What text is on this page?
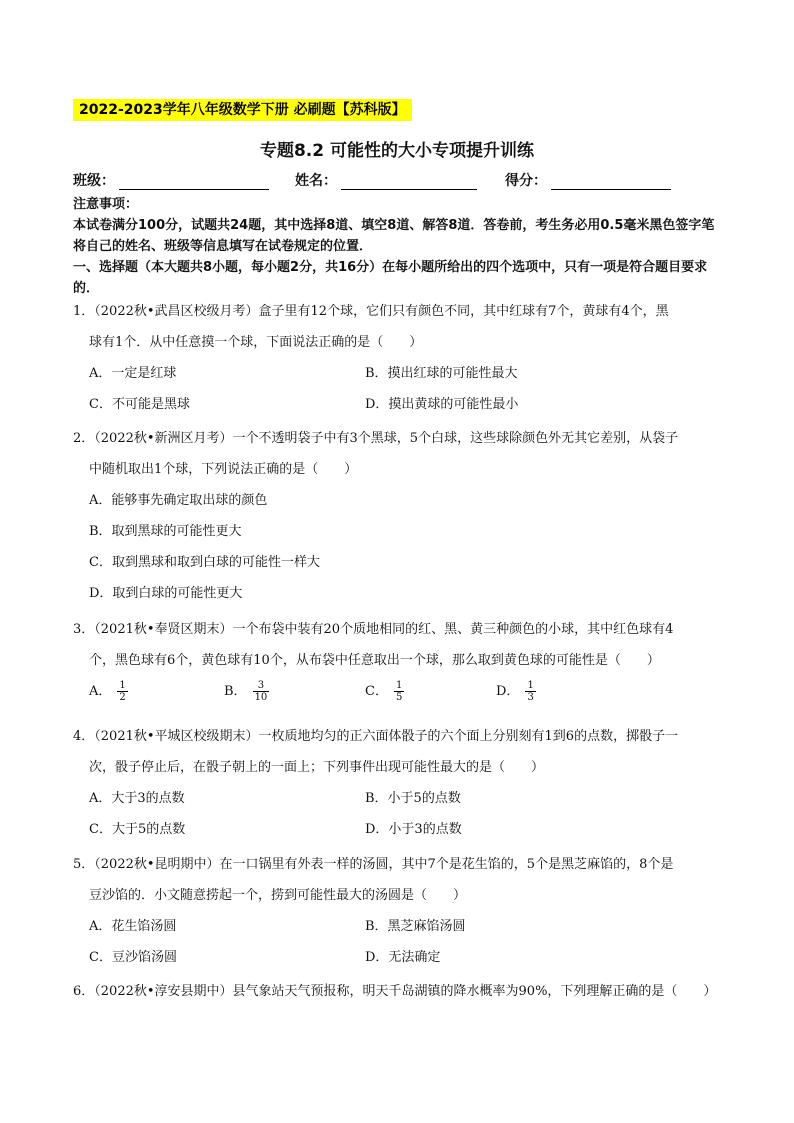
2022-2023学年八年级数学下册 必刷题【苏科版】
专题8.2 可能性的大小专项提升训练
班级：	姓名：	得分：

注意事项：

本试卷满分100分，试题共24题，其中选择8道、填空8道、解答8道．答卷前，考生务必用0.5毫米黑色签字笔将自己的姓名、班级等信息填写在试卷规定的位置．

一、选择题（本大题共8小题，每小题2分，共16分）在每小题所给出的四个选项中，只有一项是符合题目要求的．

1．（2022秋•武昌区校级月考）盒子里有12个球，它们只有颜色不同，其中红球有7个，黄球有4个，黑
球有1个．从中任意摸一个球，下面说法正确的是（　　）

A．一定是红球	B．摸出红球的可能性最大
C．不可能是黑球	D．摸出黄球的可能性最小

2．（2022秋•新洲区月考）一个不透明袋子中有3个黑球，5个白球，这些球除颜色外无其它差别，从袋子
中随机取出1个球，下列说法正确的是（　　）

A．能够事先确定取出球的颜色
B．取到黑球的可能性更大
C．取到黑球和取到白球的可能性一样大
D．取到白球的可能性更大

3．（2021秋•奉贤区期末）一个布袋中装有20个质地相同的红、黑、黄三种颜色的小球，其中红色球有4
个，黑色球有6个，黄色球有10个，从布袋中任意取出一个球，那么取到黄色球的可能性是（　　）

A． $\frac{1}{2}$	B． $\frac{3}{10}$	C． $\frac{1}{5}$	D． $\frac{1}{3}$

4．（2021秋•平城区校级期末）一枚质地均匀的正六面体骰子的六个面上分别刻有1到6的点数，掷骰子一
次，骰子停止后，在骰子朝上的一面上；下列事件出现可能性最大的是（　　）

A．大于3的点数	B．小于5的点数
C．大于5的点数	D．小于3的点数

5．（2022秋•昆明期中）在一口锅里有外表一样的汤圆，其中7个是花生馅的，5个是黑芝麻馅的，8个是
豆沙馅的．小文随意捞起一个，捞到可能性最大的汤圆是（　　）

A．花生馅汤圆	B．黑芝麻馅汤圆
C．豆沙馅汤圆	D．无法确定

6．（2022秋•淳安县期中）县气象站天气预报称，明天千岛湖镇的降水概率为90%，下列理解正确的是（　　）
